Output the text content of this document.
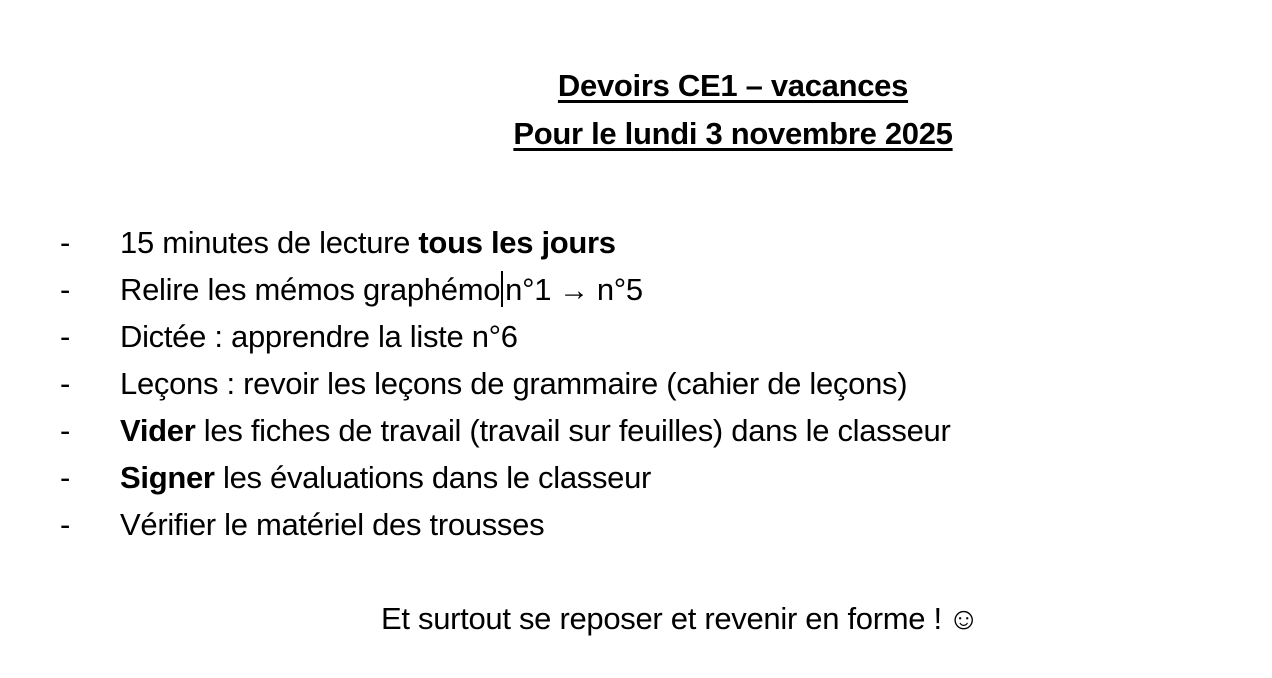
Devoirs CE1 – vacances
Pour le lundi 3 novembre 2025
- 15 minutes de lecture tous les jours
- Relire les mémos graphémo n°1 → n°5
- Dictée : apprendre la liste n°6
- Leçons : revoir les leçons de grammaire (cahier de leçons)
- Vider les fiches de travail (travail sur feuilles) dans le classeur
- Signer les évaluations dans le classeur
- Vérifier le matériel des trousses
Et surtout se reposer et revenir en forme ! ☺
